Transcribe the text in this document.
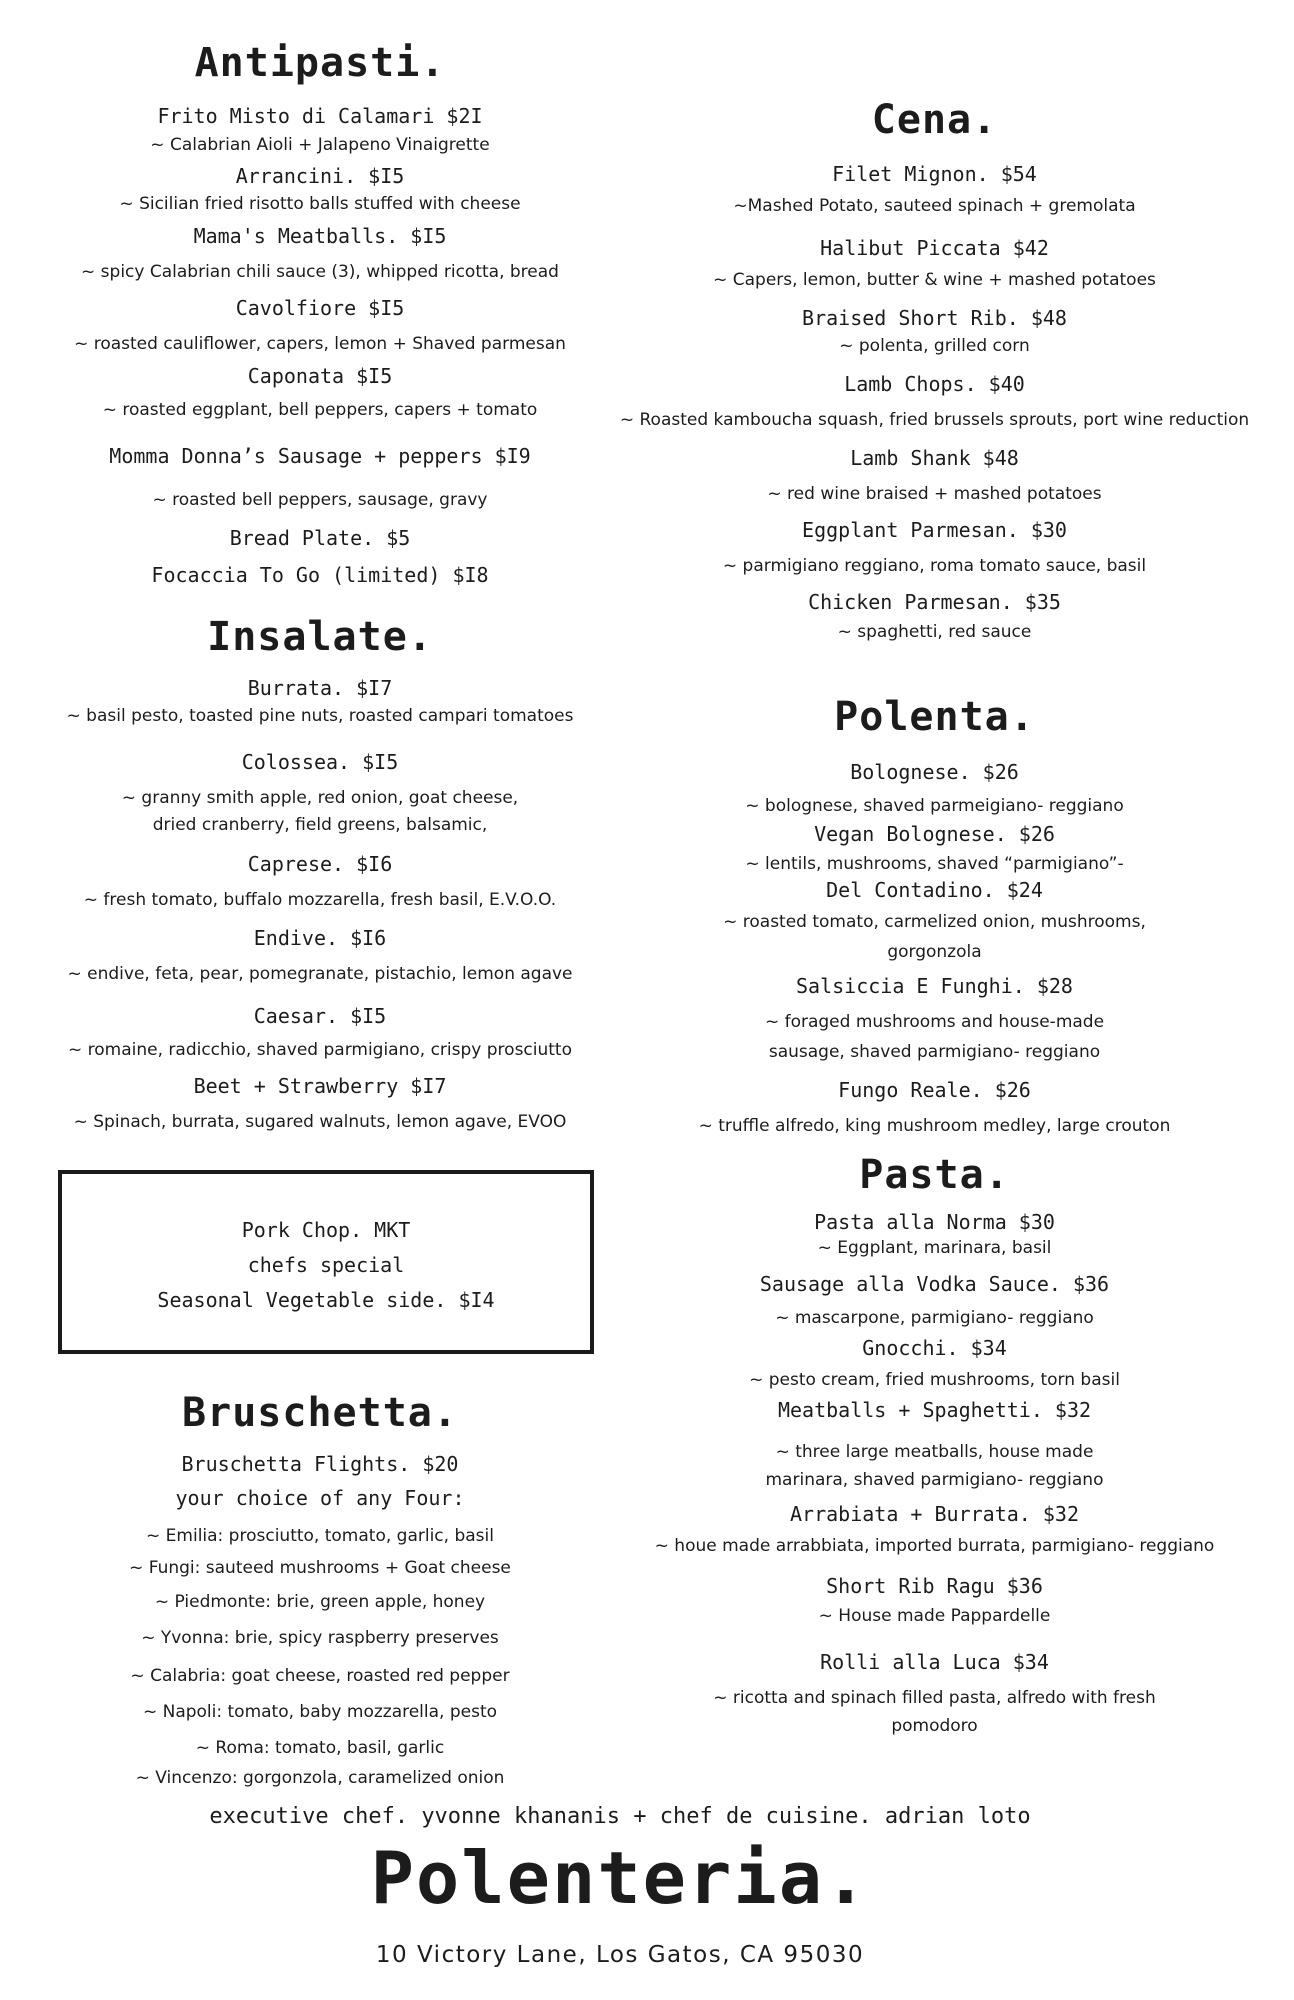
Antipasti.
Frito Misto di Calamari $2I
~ Calabrian Aioli + Jalapeno Vinaigrette
Arrancini. $I5
~ Sicilian fried risotto balls stuffed with cheese
Mama's Meatballs. $I5
~ spicy Calabrian chili sauce (3), whipped ricotta, bread
Cavolfiore $I5
~ roasted cauliflower, capers, lemon + Shaved parmesan
Caponata $I5
~ roasted eggplant, bell peppers, capers + tomato
Momma Donna’s Sausage + peppers $I9
~ roasted bell peppers, sausage, gravy
Bread Plate. $5
Focaccia To Go (limited) $I8
Insalate.
Burrata. $I7
~ basil pesto, toasted pine nuts, roasted campari tomatoes
Colossea. $I5
~ granny smith apple, red onion, goat cheese,
dried cranberry, field greens, balsamic,
Caprese. $I6
~ fresh tomato, buffalo mozzarella, fresh basil, E.V.O.O.
Endive. $I6
~ endive, feta, pear, pomegranate, pistachio, lemon agave
Caesar. $I5
~ romaine, radicchio, shaved parmigiano, crispy prosciutto
Beet + Strawberry $I7
~ Spinach, burrata, sugared walnuts, lemon agave, EVOO
Bruschetta.
Bruschetta Flights. $20
your choice of any Four:
~ Emilia: prosciutto, tomato, garlic, basil
~ Fungi: sauteed mushrooms + Goat cheese
~ Piedmonte: brie, green apple, honey
~ Yvonna: brie, spicy raspberry preserves
~ Calabria: goat cheese, roasted red pepper
~ Napoli: tomato, baby mozzarella, pesto
~ Roma: tomato, basil, garlic
~ Vincenzo: gorgonzola, caramelized onion
Pork Chop. MKT
chefs special
Seasonal Vegetable side. $I4
Cena.
Filet Mignon. $54
~Mashed Potato, sauteed spinach + gremolata
Halibut Piccata $42
~ Capers, lemon, butter & wine + mashed potatoes
Braised Short Rib. $48
~ polenta, grilled corn
Lamb Chops. $40
~ Roasted kamboucha squash, fried brussels sprouts, port wine reduction
Lamb Shank $48
~ red wine braised + mashed potatoes
Eggplant Parmesan. $30
~ parmigiano reggiano, roma tomato sauce, basil
Chicken Parmesan. $35
~ spaghetti, red sauce
Polenta.
Bolognese. $26
~ bolognese, shaved parmeigiano- reggiano
Vegan Bolognese. $26
~ lentils, mushrooms, shaved “parmigiano”-
Del Contadino. $24
~ roasted tomato, carmelized onion, mushrooms,
gorgonzola
Salsiccia E Funghi. $28
~ foraged mushrooms and house-made
sausage, shaved parmigiano- reggiano
Fungo Reale. $26
~ truffle alfredo, king mushroom medley, large crouton
Pasta.
Pasta alla Norma $30
~ Eggplant, marinara, basil
Sausage alla Vodka Sauce. $36
~ mascarpone, parmigiano- reggiano
Gnocchi. $34
~ pesto cream, fried mushrooms, torn basil
Meatballs + Spaghetti. $32
~ three large meatballs, house made
marinara, shaved parmigiano- reggiano
Arrabiata + Burrata. $32
~ houe made arrabbiata, imported burrata, parmigiano- reggiano
Short Rib Ragu $36
~ House made Pappardelle
Rolli alla Luca $34
~ ricotta and spinach filled pasta, alfredo with fresh
pomodoro
executive chef. yvonne khananis + chef de cuisine. adrian loto
Polenteria.
10 Victory Lane, Los Gatos, CA 95030
